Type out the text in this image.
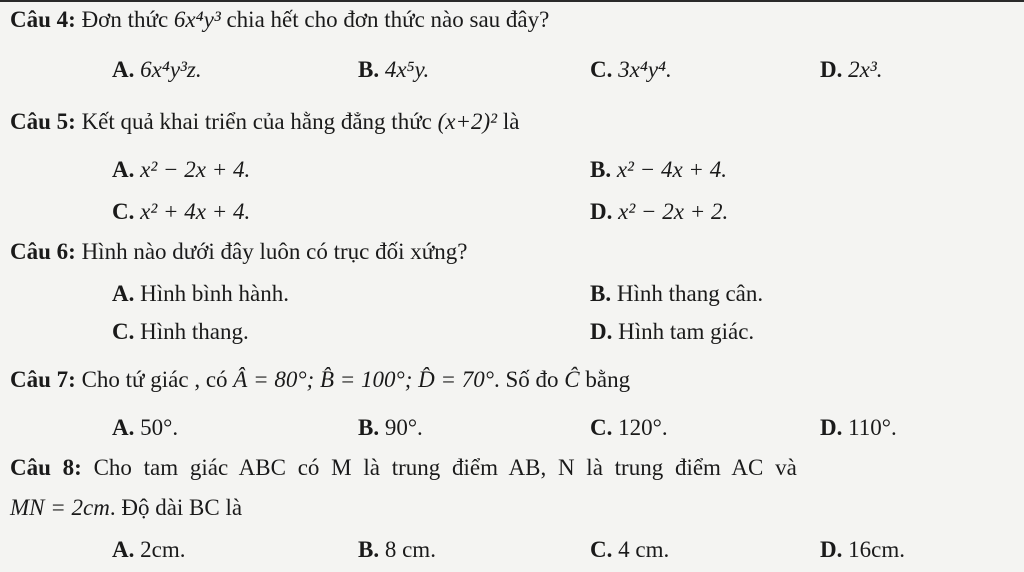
Câu 4: Đơn thức 6x⁴y³ chia hết cho đơn thức nào sau đây?
A. 6x⁴y³z.	B. 4x⁵y.	C. 3x⁴y⁴.	D. 2x³.
Câu 5: Kết quả khai triển của hằng đẳng thức (x+2)² là
A. x² − 2x + 4.	B. x² − 4x + 4.
C. x² + 4x + 4.	D. x² − 2x + 2.
Câu 6: Hình nào dưới đây luôn có trục đối xứng?
A. Hình bình hành.	B. Hình thang cân.
C. Hình thang.	D. Hình tam giác.
Câu 7: Cho tứ giác , có Â = 80°; B̂ = 100°; D̂ = 70°. Số đo Ĉ bằng
A. 50°.	B. 90°.	C. 120°.	D. 110°.
Câu 8: Cho tam giác ABC có M là trung điểm AB, N là trung điểm AC và
MN = 2cm. Độ dài BC là
A. 2cm.	B. 8 cm.	C. 4 cm.	D. 16cm.
